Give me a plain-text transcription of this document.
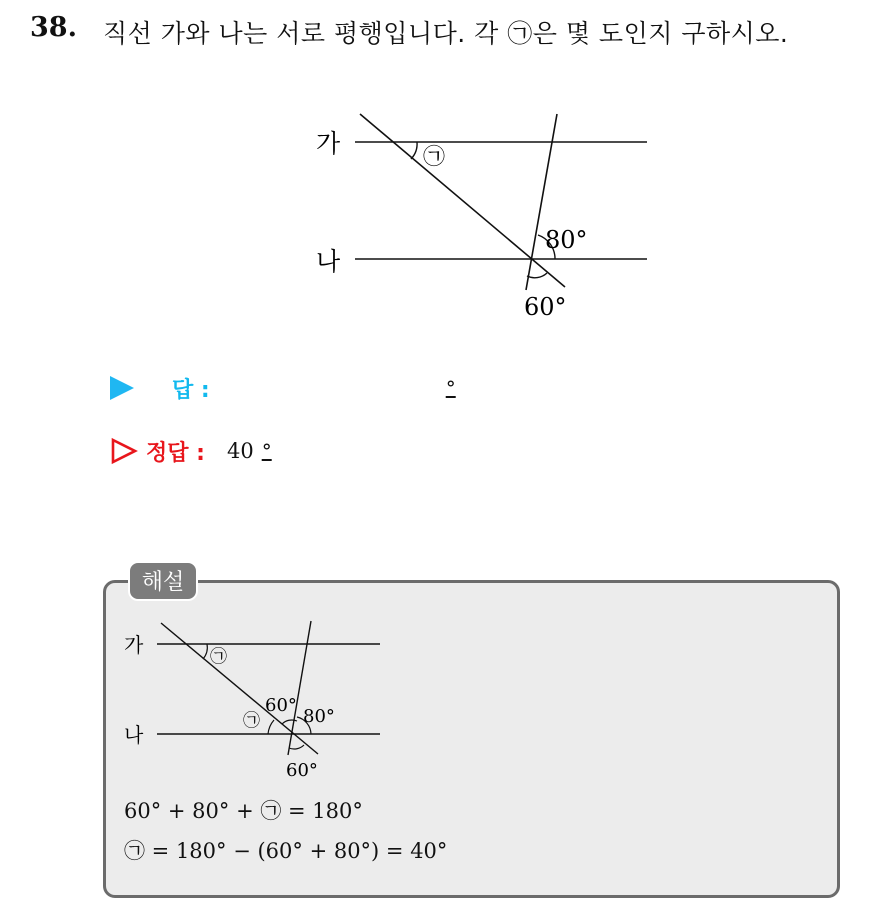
38. 직선 가와 나는 서로 평행입니다. 각 ㉠은 몇 도인지 구하시오.
가
나
㉠
80°
60°
답 :	°
정답 : 40 °
해설
가
나
㉠
60°
80°
㉠
60°
60° + 80° + ㉠ = 180°
㉠ = 180° − (60° + 80°) = 40°
